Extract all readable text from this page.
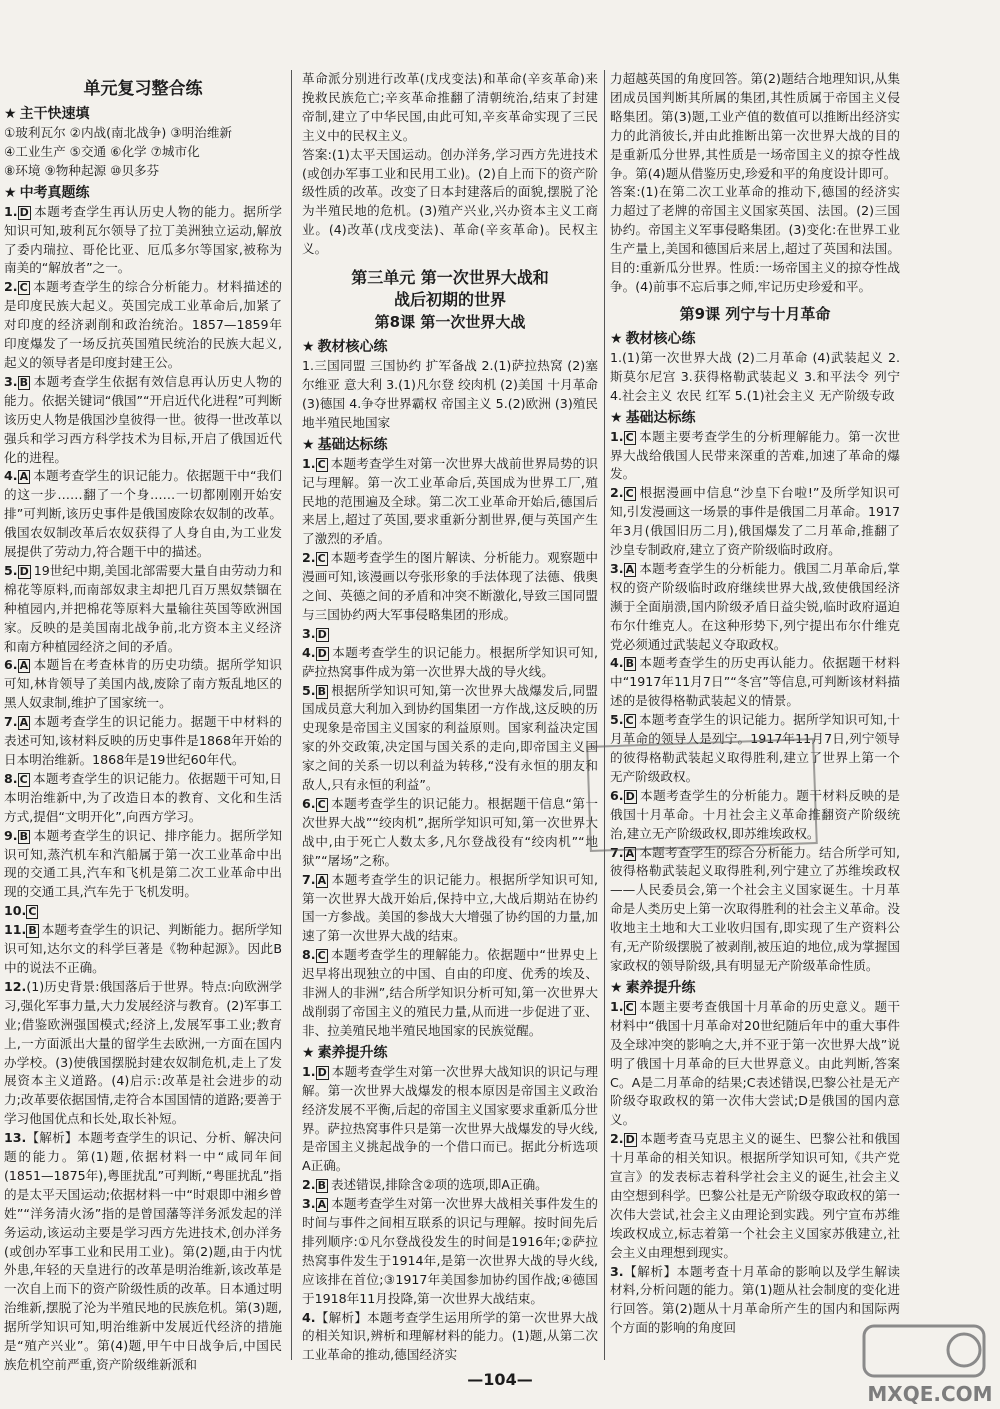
单元复习整合练
★ 主干快速填
①玻利瓦尔 ②内战(南北战争) ③明治维新
④工业生产 ⑤交通 ⑥化学 ⑦城市化
⑧环境 ⑨物种起源 ⑩贝多芬
★ 中考真题练
1. D 本题考查学生再认历史人物的能力。据所学知识可知,玻利瓦尔领导了拉丁美洲独立运动,解放了委内瑞拉、哥伦比亚、厄瓜多尔等国家,被称为南美的“解放者”之一。
2. C 本题考查学生的综合分析能力。材料描述的是印度民族大起义。英国完成工业革命后,加紧了对印度的经济剥削和政治统治。1857—1859年印度爆发了一场反抗英国殖民统治的民族大起义,起义的领导者是印度封建王公。
3. B 本题考查学生依据有效信息再认历史人物的能力。依据关键词“俄国”“开启近代化进程”可判断该历史人物是俄国沙皇彼得一世。彼得一世改革以强兵和学习西方科学技术为目标,开启了俄国近代化的进程。
4. A 本题考查学生的识记能力。依据题干中“我们的这一步……翻了一个身……一切都刚刚开始安排”可判断,该历史事件是俄国废除农奴制的改革。俄国农奴制改革后农奴获得了人身自由,为工业发展提供了劳动力,符合题干中的描述。
5. D 19世纪中期,美国北部需要大量自由劳动力和棉花等原料,而南部奴隶主却把几百万黑奴禁锢在种植园内,并把棉花等原料大量输往英国等欧洲国家。反映的是美国南北战争前,北方资本主义经济和南方种植园经济之间的矛盾。
6. A 本题旨在考查林肯的历史功绩。据所学知识可知,林肯领导了美国内战,废除了南方叛乱地区的黑人奴隶制,维护了国家统一。
7. A 本题考查学生的识记能力。据题干中材料的表述可知,该材料反映的历史事件是1868年开始的日本明治维新。1868年是19世纪60年代。
8. C 本题考查学生的识记能力。依据题干可知,日本明治维新中,为了改造日本的教育、文化和生活方式,提倡“文明开化”,向西方学习。
9. B 本题考查学生的识记、排序能力。据所学知识可知,蒸汽机车和汽船属于第一次工业革命中出现的交通工具,汽车和飞机是第二次工业革命中出现的交通工具,汽车先于飞机发明。
10. C
11. B 本题考查学生的识记、判断能力。据所学知识可知,达尔文的科学巨著是《物种起源》。因此B中的说法不正确。
12.(1)历史背景:俄国落后于世界。特点:向欧洲学习,强化军事力量,大力发展经济与教育。(2)军事工业;借鉴欧洲强国模式;经济上,发展军事工业;教育上,一方面派出大量的留学生去欧洲,一方面在国内办学校。(3)使俄国摆脱封建农奴制危机,走上了发展资本主义道路。(4)启示:改革是社会进步的动力;改革要依据国情,走符合本国国情的道路;要善于学习他国优点和长处,取长补短。
13.【解析】本题考查学生的识记、分析、解决问题的能力。第(1)题,依据材料一中“咸同年间(1851—1875年),粤匪扰乱”可判断,“粤匪扰乱”指的是太平天国运动;依据材料一中“时艰即中湘乡曾姓”“洋务清火汤”指的是曾国藩等洋务派发起的洋务运动,该运动主要是学习西方先进技术,创办洋务(或创办军事工业和民用工业)。第(2)题,由于内忧外患,年轻的天皇进行的改革是明治维新,该改革是一次自上而下的资产阶级性质的改革。日本通过明治维新,摆脱了沦为半殖民地的民族危机。第(3)题,据所学知识可知,明治维新中发展近代经济的措施是“殖产兴业”。第(4)题,甲午中日战争后,中国民族危机空前严重,资产阶级维新派和
革命派分别进行改革(戊戌变法)和革命(辛亥革命)来挽救民族危亡;辛亥革命推翻了清朝统治,结束了封建帝制,建立了中华民国,由此可知,辛亥革命实现了三民主义中的民权主义。
答案:(1)太平天国运动。创办洋务,学习西方先进技术(或创办军事工业和民用工业)。(2)自上而下的资产阶级性质的改革。改变了日本封建落后的面貌,摆脱了沦为半殖民地的危机。(3)殖产兴业,兴办资本主义工商业。(4)改革(戊戌变法)、革命(辛亥革命)。民权主义。
第三单元 第一次世界大战和
战后初期的世界
第8课 第一次世界大战
★ 教材核心练
1.三国同盟 三国协约 扩军备战 2.(1)萨拉热窝 (2)塞尔维亚 意大利 3.(1)凡尔登 绞肉机 (2)美国 十月革命 (3)德国 4.争夺世界霸权 帝国主义 5.(2)欧洲 (3)殖民地半殖民地国家
★ 基础达标练
1. C 本题考查学生对第一次世界大战前世界局势的识记与理解。第一次工业革命后,英国成为世界工厂,殖民地的范围遍及全球。第二次工业革命开始后,德国后来居上,超过了英国,要求重新分割世界,便与英国产生了激烈的矛盾。
2. C 本题考查学生的图片解读、分析能力。观察题中漫画可知,该漫画以夸张形象的手法体现了法德、俄奥之间、英德之间的矛盾和冲突不断激化,导致三国同盟与三国协约两大军事侵略集团的形成。
3. D
4. D 本题考查学生的识记能力。根据所学知识可知,萨拉热窝事件成为第一次世界大战的导火线。
5. B 根据所学知识可知,第一次世界大战爆发后,同盟国成员意大利加入到协约国集团一方作战,这反映的历史现象是帝国主义国家的利益原则。国家利益决定国家的外交政策,决定国与国关系的走向,即帝国主义国家之间的关系一切以利益为转移,“没有永恒的朋友和敌人,只有永恒的利益”。
6. C 本题考查学生的识记能力。根据题干信息“第一次世界大战”“绞肉机”,据所学知识可知,第一次世界大战中,由于死亡人数太多,凡尔登战役有“绞肉机”“地狱”“屠场”之称。
7. A 本题考查学生的识记能力。根据所学知识可知,第一次世界大战开始后,保持中立,大战后期站在协约国一方参战。美国的参战大大增强了协约国的力量,加速了第一次世界大战的结束。
8. C 本题考查学生的理解能力。依据题中“世界史上迟早将出现独立的中国、自由的印度、优秀的埃及、非洲人的非洲”,结合所学知识分析可知,第一次世界大战削弱了帝国主义的殖民力量,从而进一步促进了亚、非、拉美殖民地半殖民地国家的民族觉醒。
★ 素养提升练
1. D 本题考查学生对第一次世界大战知识的识记与理解。第一次世界大战爆发的根本原因是帝国主义政治经济发展不平衡,后起的帝国主义国家要求重新瓜分世界。萨拉热窝事件只是第一次世界大战爆发的导火线,是帝国主义挑起战争的一个借口而已。据此分析选项A正确。
2. B 表述错误,排除含②项的选项,即A正确。
3. A 本题考查学生对第一次世界大战相关事件发生的时间与事件之间相互联系的识记与理解。按时间先后排列顺序:①凡尔登战役发生的时间是1916年;②萨拉热窝事件发生于1914年,是第一次世界大战的导火线,应该排在首位;③1917年美国参加协约国作战;④德国于1918年11月投降,第一次世界大战结束。
4.【解析】本题考查学生运用所学的第一次世界大战的相关知识,辨析和理解材料的能力。(1)题,从第二次工业革命的推动,德国经济实
力超越英国的角度回答。第(2)题结合地理知识,从集团成员国判断其所属的集团,其性质属于帝国主义侵略集团。第(3)题,工业产值的数值可以推断出经济实力的此消彼长,并由此推断出第一次世界大战的目的是重新瓜分世界,其性质是一场帝国主义的掠夺性战争。第(4)题从借鉴历史,珍爱和平的角度设计即可。
答案:(1)在第二次工业革命的推动下,德国的经济实力超过了老牌的帝国主义国家英国、法国。(2)三国协约。帝国主义军事侵略集团。(3)变化:在世界工业生产量上,美国和德国后来居上,超过了英国和法国。目的:重新瓜分世界。性质:一场帝国主义的掠夺性战争。(4)前事不忘后事之师,牢记历史珍爱和平。
第9课 列宁与十月革命
★ 教材核心练
1.(1)第一次世界大战 (2)二月革命 (4)武装起义 2.斯莫尔尼宫 3.获得格勒武装起义 3.和平法令 列宁 4.社会主义 农民 红军 5.(1)社会主义 无产阶级专政
★ 基础达标练
1. C 本题主要考查学生的分析理解能力。第一次世界大战给俄国人民带来深重的苦难,加速了革命的爆发。
2. C 根据漫画中信息“沙皇下台啦!”及所学知识可知,引发漫画这一场景的事件是俄国二月革命。1917年3月(俄国旧历二月),俄国爆发了二月革命,推翻了沙皇专制政府,建立了资产阶级临时政府。
3. A 本题考查学生的分析能力。俄国二月革命后,掌权的资产阶级临时政府继续世界大战,致使俄国经济濒于全面崩溃,国内阶级矛盾日益尖锐,临时政府逼迫布尔什维克人。在这种形势下,列宁提出布尔什维克党必须通过武装起义夺取政权。
4. B 本题考查学生的历史再认能力。依据题干材料中“1917年11月7日”“冬宫”等信息,可判断该材料描述的是彼得格勒武装起义的情景。
5. C 本题考查学生的识记能力。据所学知识可知,十月革命的领导人是列宁。1917年11月7日,列宁领导的彼得格勒武装起义取得胜利,建立了世界上第一个无产阶级政权。
6. D 本题考查学生的分析能力。题干材料反映的是俄国十月革命。十月社会主义革命推翻资产阶级统治,建立无产阶级政权,即苏维埃政权。
7. A 本题考查学生的综合分析能力。结合所学可知,彼得格勒武装起义取得胜利,列宁建立了苏维埃政权——人民委员会,第一个社会主义国家诞生。十月革命是人类历史上第一次取得胜利的社会主义革命。没收地主土地和大工业收归国有,即实现了生产资料公有,无产阶级摆脱了被剥削,被压迫的地位,成为掌握国家政权的领导阶级,具有明显无产阶级革命性质。
★ 素养提升练
1. C 本题主要考查俄国十月革命的历史意义。题干材料中“俄国十月革命对20世纪随后年中的重大事件及全球冲突的影响之大,并不亚于第一次世界大战”说明了俄国十月革命的巨大世界意义。由此判断,答案C。A是二月革命的结果;C表述错误,巴黎公社是无产阶级夺取政权的第一次伟大尝试;D是俄国的国内意义。
2. D 本题考查马克思主义的诞生、巴黎公社和俄国十月革命的相关知识。根据所学知识可知,《共产党宣言》的发表标志着科学社会主义的诞生,社会主义由空想到科学。巴黎公社是无产阶级夺取政权的第一次伟大尝试,社会主义由理论到实践。列宁宣布苏维埃政权成立,标志着第一个社会主义国家苏俄建立,社会主义由理想到现实。
3.【解析】本题考查十月革命的影响以及学生解读材料,分析问题的能力。第(1)题从社会制度的变化进行回答。第(2)题从十月革命所产生的国内和国际两个方面的影响的角度回
—104—
MXQE.COM
